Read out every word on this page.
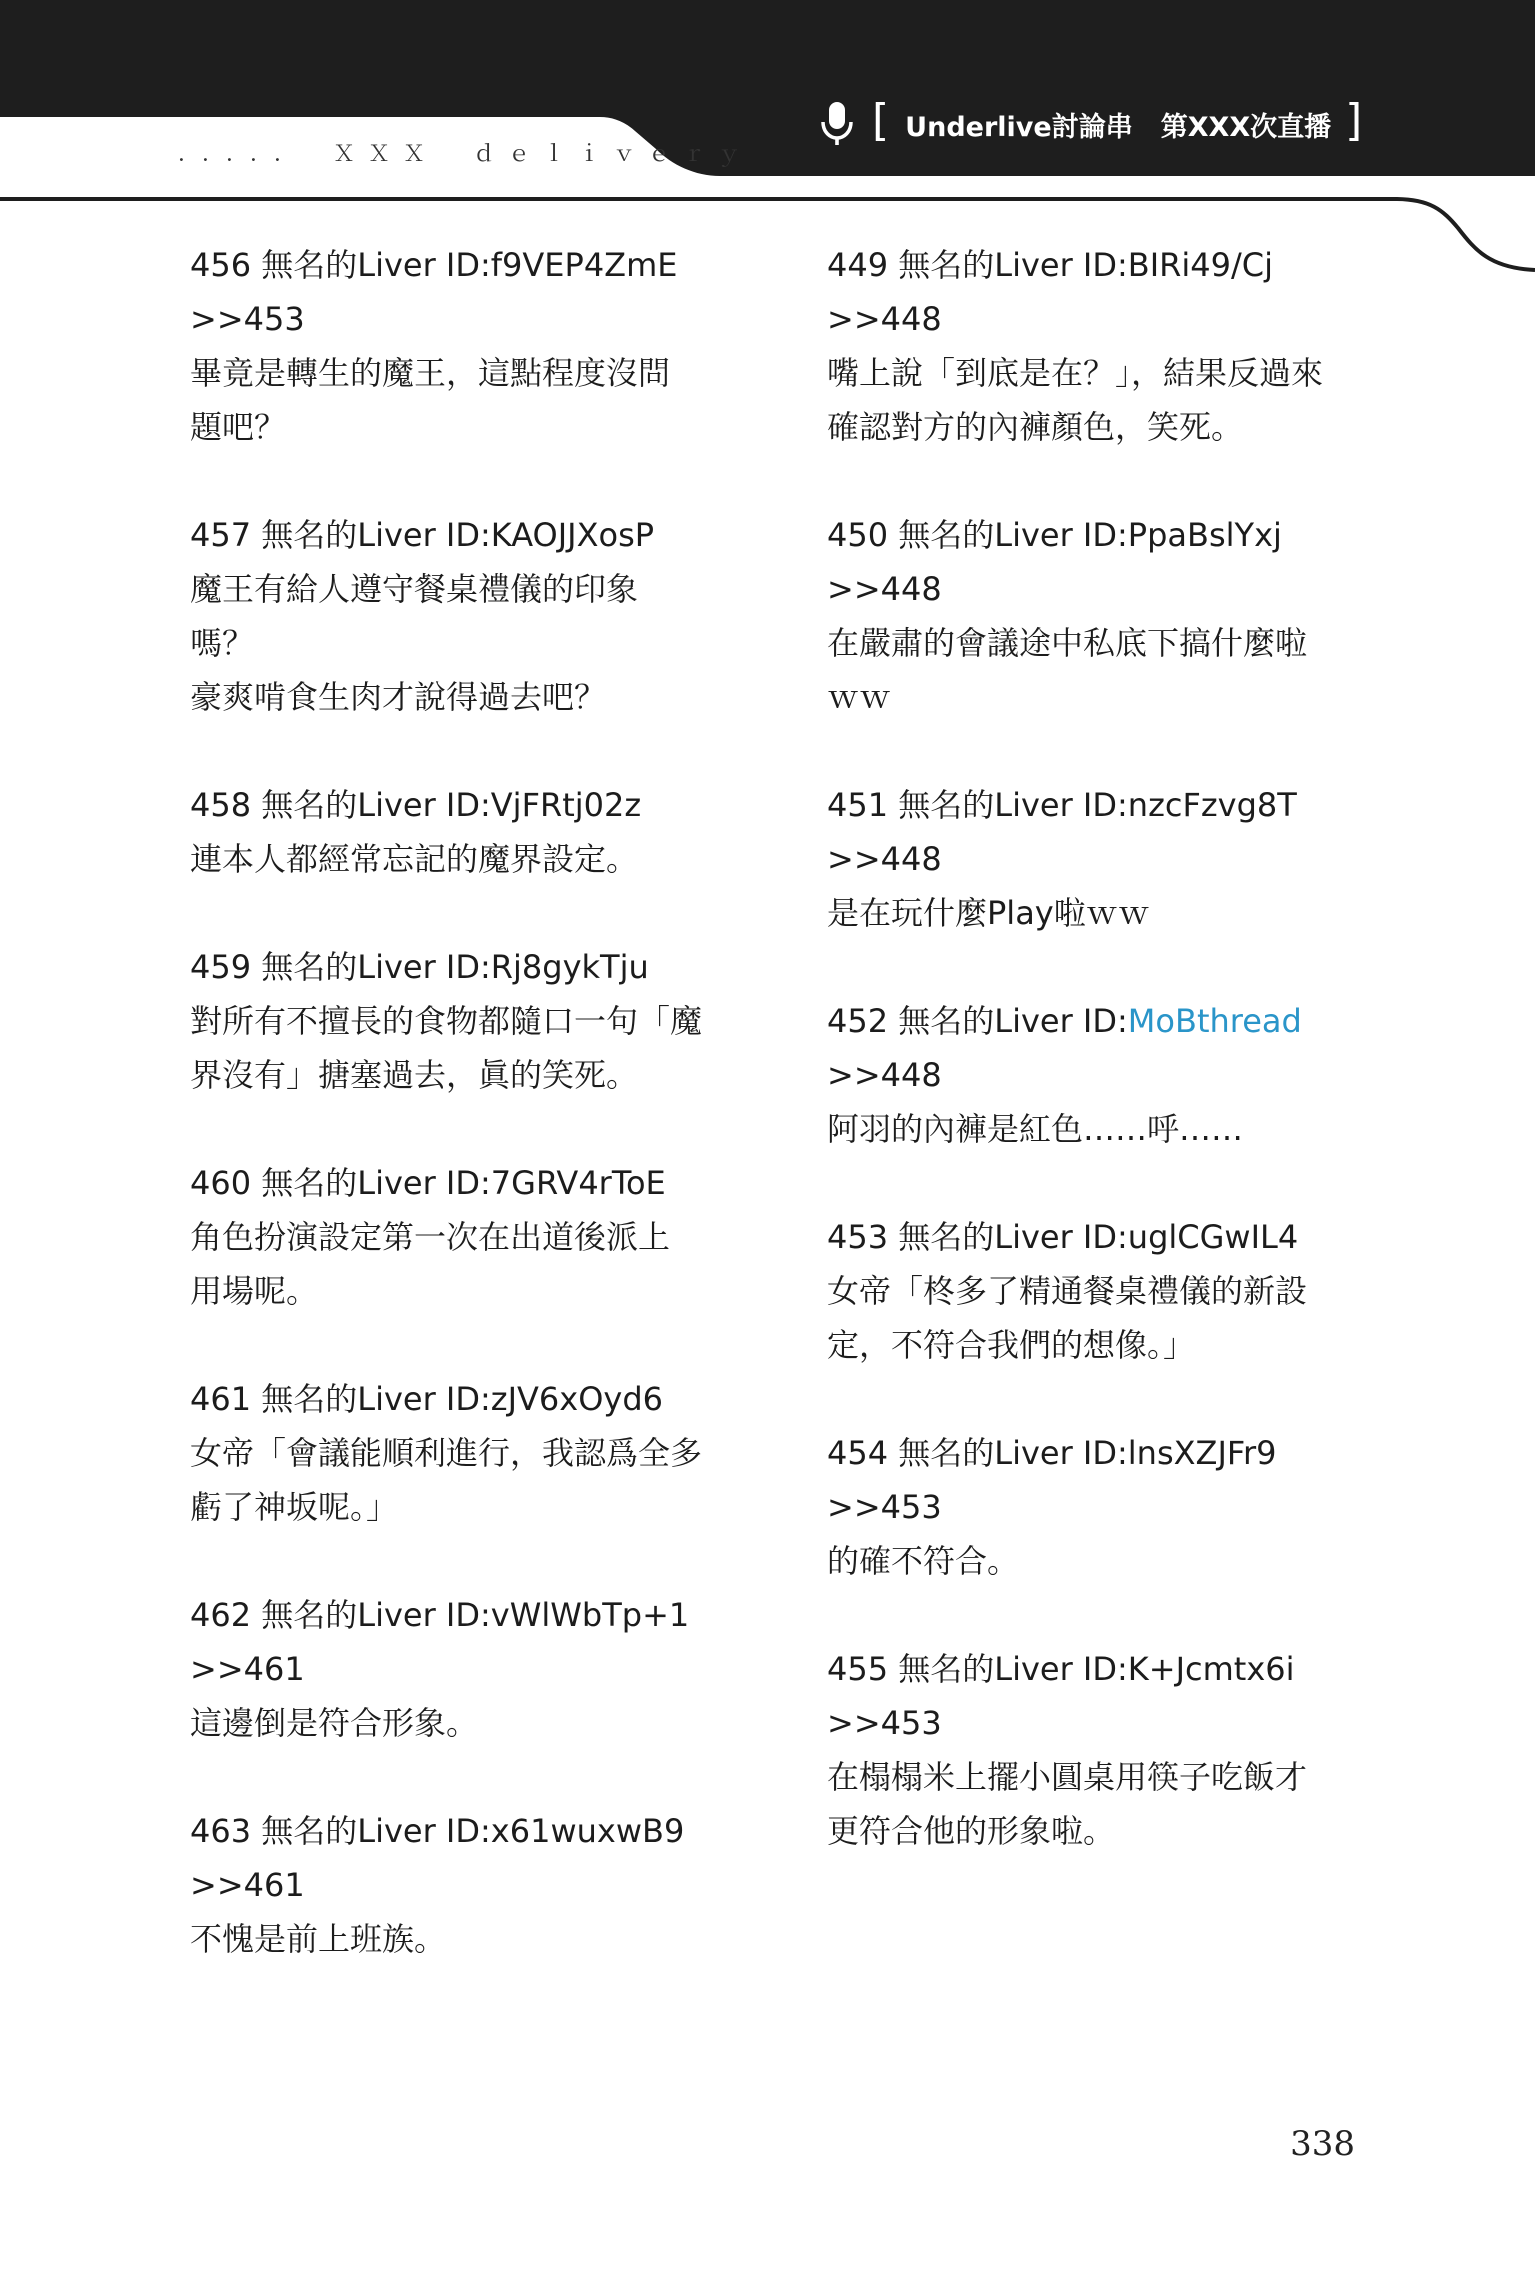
．．．．．　ＸＸＸ　ｄｅｌｉｖｅｒｙ
[ Underlive討論串 第XXX次直播 ]
456 無名的Liver ID:f9VEP4ZmE
>>453
畢竟是轉生的魔王，這點程度沒問
題吧？
457 無名的Liver ID:KAOJJXosP
魔王有給人遵守餐桌禮儀的印象
嗎？
豪爽啃食生肉才說得過去吧？
458 無名的Liver ID:VjFRtj02z
連本人都經常忘記的魔界設定。
459 無名的Liver ID:Rj8gykTju
對所有不擅長的食物都隨口一句「魔
界沒有」搪塞過去，眞的笑死。
460 無名的Liver ID:7GRV4rToE
角色扮演設定第一次在出道後派上
用場呢。
461 無名的Liver ID:zJV6xOyd6
女帝「會議能順利進行，我認爲全多
虧了神坂呢。」
462 無名的Liver ID:vWlWbTp+1
>>461
這邊倒是符合形象。
463 無名的Liver ID:x61wuxwB9
>>461
不愧是前上班族。
449 無名的Liver ID:BIRi49/Cj
>>448
嘴上說「到底是在？」，結果反過來
確認對方的內褲顏色，笑死。
450 無名的Liver ID:PpaBslYxj
>>448
在嚴肅的會議途中私底下搞什麼啦
ｗｗ
451 無名的Liver ID:nzcFzvg8T
>>448
是在玩什麼Play啦ｗｗ
452 無名的Liver ID:MoBthread
>>448
阿羽的內褲是紅色……呼……
453 無名的Liver ID:uglCGwIL4
女帝「柊多了精通餐桌禮儀的新設
定，不符合我們的想像。」
454 無名的Liver ID:lnsXZJFr9
>>453
的確不符合。
455 無名的Liver ID:K+Jcmtx6i
>>453
在榻榻米上擺小圓桌用筷子吃飯才
更符合他的形象啦。
338
